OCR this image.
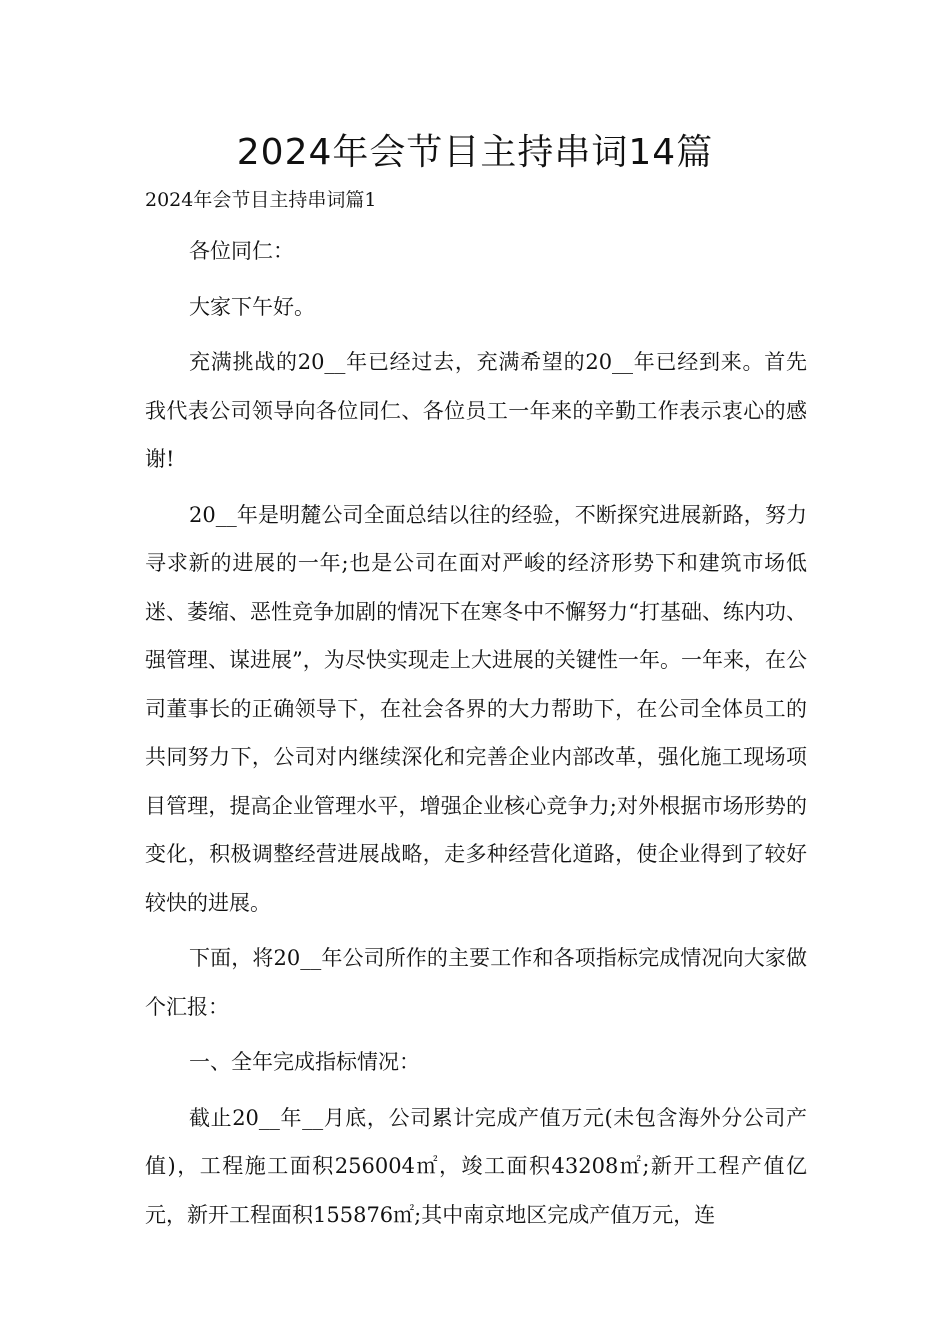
2024年会节目主持串词14篇

2024年会节目主持串词篇1

各位同仁：

大家下午好。

充满挑战的20__年已经过去，充满希望的20__年已经到来。首先我代表公司领导向各位同仁、各位员工一年来的辛勤工作表示衷心的感谢!

20__年是明麓公司全面总结以往的经验，不断探究进展新路，努力寻求新的进展的一年;也是公司在面对严峻的经济形势下和建筑市场低迷、萎缩、恶性竞争加剧的情况下在寒冬中不懈努力“打基础、练内功、强管理、谋进展”，为尽快实现走上大进展的关键性一年。一年来，在公司董事长的正确领导下，在社会各界的大力帮助下，在公司全体员工的共同努力下，公司对内继续深化和完善企业内部改革，强化施工现场项目管理，提高企业管理水平，增强企业核心竞争力;对外根据市场形势的变化，积极调整经营进展战略，走多种经营化道路，使企业得到了较好较快的进展。

下面，将20__年公司所作的主要工作和各项指标完成情况向大家做个汇报：

一、全年完成指标情况：

截止20__年__月底，公司累计完成产值万元(未包含海外分公司产值)，工程施工面积256004㎡，竣工面积43208㎡;新开工程产值亿元，新开工程面积155876㎡;其中南京地区完成产值万元，连
